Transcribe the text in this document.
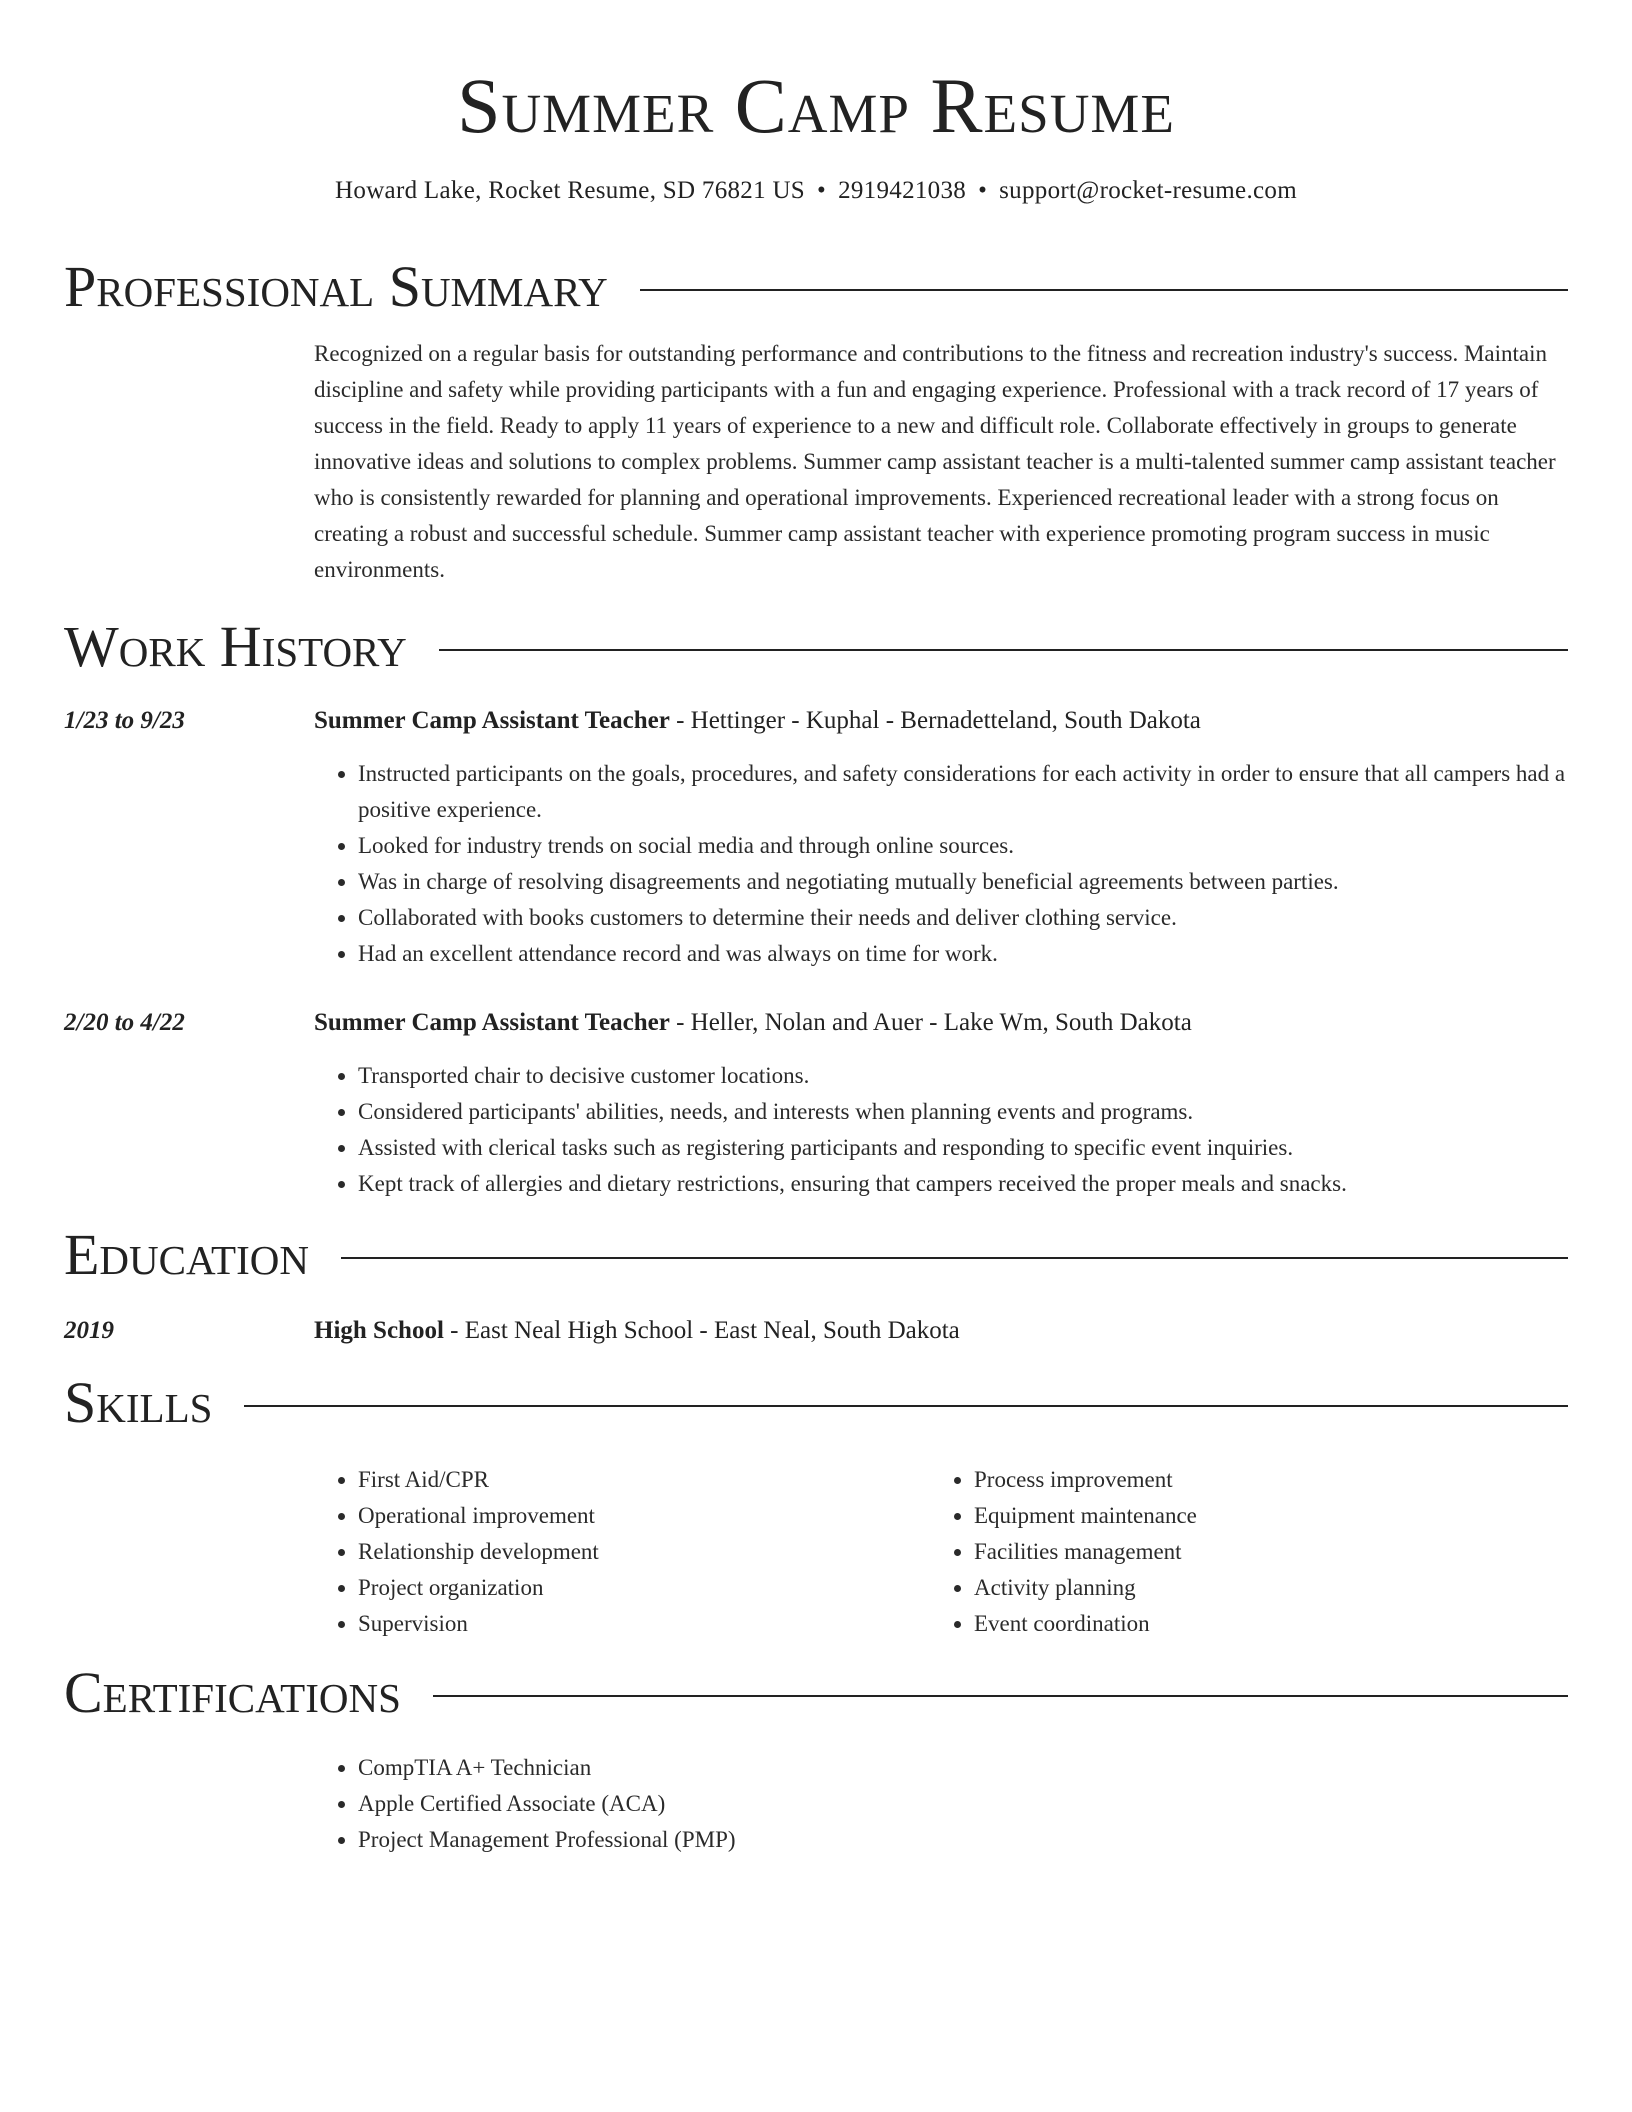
Summer Camp Resume
Howard Lake, Rocket Resume, SD 76821 US • 2919421038 • support@rocket-resume.com
Professional Summary
Recognized on a regular basis for outstanding performance and contributions to the fitness and recreation industry's success. Maintain discipline and safety while providing participants with a fun and engaging experience. Professional with a track record of 17 years of success in the field. Ready to apply 11 years of experience to a new and difficult role. Collaborate effectively in groups to generate innovative ideas and solutions to complex problems. Summer camp assistant teacher is a multi-talented summer camp assistant teacher who is consistently rewarded for planning and operational improvements. Experienced recreational leader with a strong focus on creating a robust and successful schedule. Summer camp assistant teacher with experience promoting program success in music environments.
Work History
1/23 to 9/23	Summer Camp Assistant Teacher - Hettinger - Kuphal - Bernadetteland, South Dakota
• Instructed participants on the goals, procedures, and safety considerations for each activity in order to ensure that all campers had a positive experience.
• Looked for industry trends on social media and through online sources.
• Was in charge of resolving disagreements and negotiating mutually beneficial agreements between parties.
• Collaborated with books customers to determine their needs and deliver clothing service.
• Had an excellent attendance record and was always on time for work.
2/20 to 4/22	Summer Camp Assistant Teacher - Heller, Nolan and Auer - Lake Wm, South Dakota
• Transported chair to decisive customer locations.
• Considered participants' abilities, needs, and interests when planning events and programs.
• Assisted with clerical tasks such as registering participants and responding to specific event inquiries.
• Kept track of allergies and dietary restrictions, ensuring that campers received the proper meals and snacks.
Education
2019	High School - East Neal High School - East Neal, South Dakota
Skills
• First Aid/CPR
• Operational improvement
• Relationship development
• Project organization
• Supervision
• Process improvement
• Equipment maintenance
• Facilities management
• Activity planning
• Event coordination
Certifications
• CompTIA A+ Technician
• Apple Certified Associate (ACA)
• Project Management Professional (PMP)
